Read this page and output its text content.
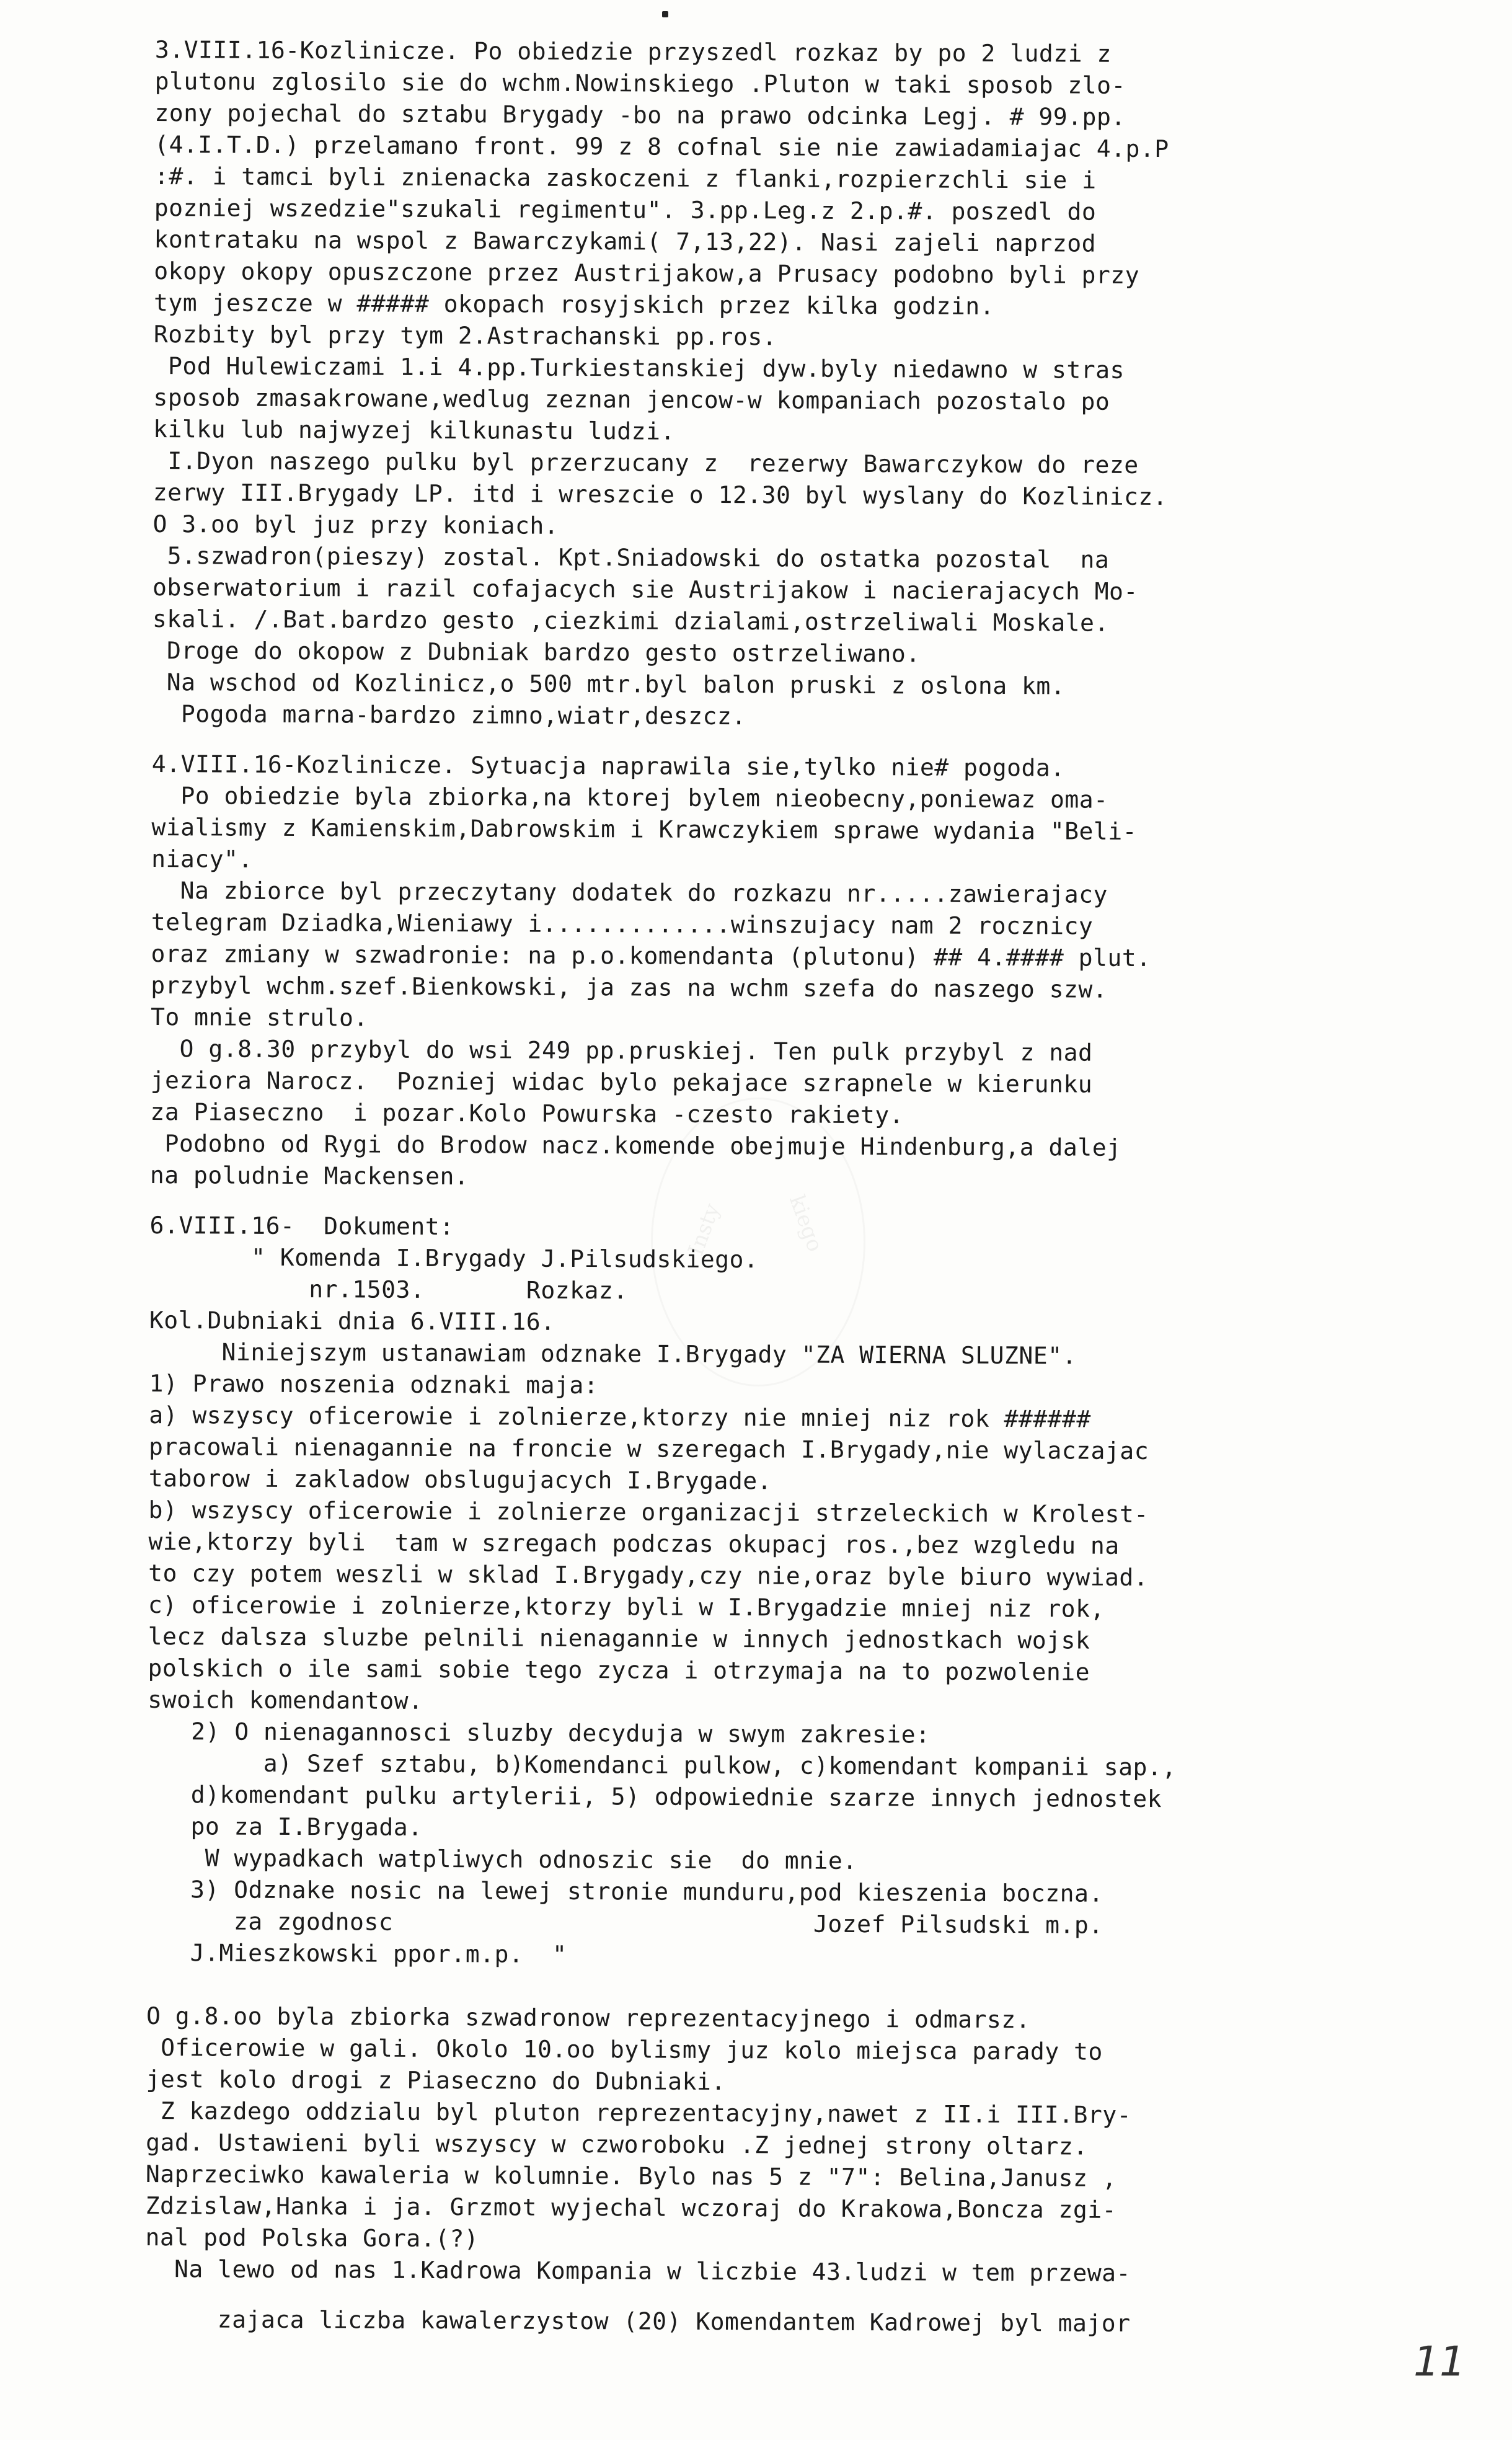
Insty	kiego
3.VIII.16-Kozlinicze. Po obiedzie przyszedl rozkaz by po 2 ludzi z
plutonu zglosilo sie do wchm.Nowinskiego .Pluton w taki sposob zlo-
zony pojechal do sztabu Brygady -bo na prawo odcinka Legj. # 99.pp.
(4.I.T.D.) przelamano front. 99 z 8 cofnal sie nie zawiadamiajac 4.p.P
:#. i tamci byli znienacka zaskoczeni z flanki,rozpierzchli sie i
pozniej wszedzie"szukali regimentu". 3.pp.Leg.z 2.p.#. poszedl do
kontrataku na wspol z Bawarczykami( 7,13,22). Nasi zajeli naprzod
okopy okopy opuszczone przez Austrijakow,a Prusacy podobno byli przy
tym jeszcze w ##### okopach rosyjskich przez kilka godzin.
Rozbity byl przy tym 2.Astrachanski pp.ros.
Pod Hulewiczami 1.i 4.pp.Turkiestanskiej dyw.byly niedawno w stras
sposob zmasakrowane,wedlug zeznan jencow-w kompaniach pozostalo po
kilku lub najwyzej kilkunastu ludzi.
I.Dyon naszego pulku byl przerzucany z  rezerwy Bawarczykow do reze
zerwy III.Brygady LP. itd i wreszcie o 12.30 byl wyslany do Kozlinicz.
O 3.oo byl juz przy koniach.
5.szwadron(pieszy) zostal. Kpt.Sniadowski do ostatka pozostal  na
obserwatorium i razil cofajacych sie Austrijakow i nacierajacych Mo-
skali. /.Bat.bardzo gesto ,ciezkimi dzialami,ostrzeliwali Moskale.
Droge do okopow z Dubniak bardzo gesto ostrzeliwano.
Na wschod od Kozlinicz,o 500 mtr.byl balon pruski z oslona km.
Pogoda marna-bardzo zimno,wiatr,deszcz.
4.VIII.16-Kozlinicze. Sytuacja naprawila sie,tylko nie# pogoda.
Po obiedzie byla zbiorka,na ktorej bylem nieobecny,poniewaz oma-
wialismy z Kamienskim,Dabrowskim i Krawczykiem sprawe wydania "Beli-
niacy".
Na zbiorce byl przeczytany dodatek do rozkazu nr.....zawierajacy
telegram Dziadka,Wieniawy i.............winszujacy nam 2 rocznicy
oraz zmiany w szwadronie: na p.o.komendanta (plutonu) ## 4.#### plut.
przybyl wchm.szef.Bienkowski, ja zas na wchm szefa do naszego szw.
To mnie strulo.
O g.8.30 przybyl do wsi 249 pp.pruskiej. Ten pulk przybyl z nad
jeziora Narocz.  Pozniej widac bylo pekajace szrapnele w kierunku
za Piaseczno  i pozar.Kolo Powurska -czesto rakiety.
Podobno od Rygi do Brodow nacz.komende obejmuje Hindenburg,a dalej
na poludnie Mackensen.
6.VIII.16-  Dokument:
" Komenda I.Brygady J.Pilsudskiego.
nr.1503.       Rozkaz.
Kol.Dubniaki dnia 6.VIII.16.
Niniejszym ustanawiam odznake I.Brygady "ZA WIERNA SLUZNE".
1) Prawo noszenia odznaki maja:
a) wszyscy oficerowie i zolnierze,ktorzy nie mniej niz rok ######
pracowali nienagannie na froncie w szeregach I.Brygady,nie wylaczajac
taborow i zakladow obslugujacych I.Brygade.
b) wszyscy oficerowie i zolnierze organizacji strzeleckich w Krolest-
wie,ktorzy byli  tam w szregach podczas okupacj ros.,bez wzgledu na
to czy potem weszli w sklad I.Brygady,czy nie,oraz byle biuro wywiad.
c) oficerowie i zolnierze,ktorzy byli w I.Brygadzie mniej niz rok,
lecz dalsza sluzbe pelnili nienagannie w innych jednostkach wojsk
polskich o ile sami sobie tego zycza i otrzymaja na to pozwolenie
swoich komendantow.
2) O nienagannosci sluzby decyduja w swym zakresie:
a) Szef sztabu, b)Komendanci pulkow, c)komendant kompanii sap.,
d)komendant pulku artylerii, 5) odpowiednie szarze innych jednostek
po za I.Brygada.
W wypadkach watpliwych odnoszic sie  do mnie.
3) Odznake nosic na lewej stronie munduru,pod kieszenia boczna.
za zgodnosc                             Jozef Pilsudski m.p.
J.Mieszkowski ppor.m.p.  "
O g.8.oo byla zbiorka szwadronow reprezentacyjnego i odmarsz.
Oficerowie w gali. Okolo 10.oo bylismy juz kolo miejsca parady to
jest kolo drogi z Piaseczno do Dubniaki.
Z kazdego oddzialu byl pluton reprezentacyjny,nawet z II.i III.Bry-
gad. Ustawieni byli wszyscy w czworoboku .Z jednej strony oltarz.
Naprzeciwko kawaleria w kolumnie. Bylo nas 5 z "7": Belina,Janusz ,
Zdzislaw,Hanka i ja. Grzmot wyjechal wczoraj do Krakowa,Boncza zgi-
nal pod Polska Gora.(?)
Na lewo od nas 1.Kadrowa Kompania w liczbie 43.ludzi w tem przewa-
zajaca liczba kawalerzystow (20) Komendantem Kadrowej byl major
11
